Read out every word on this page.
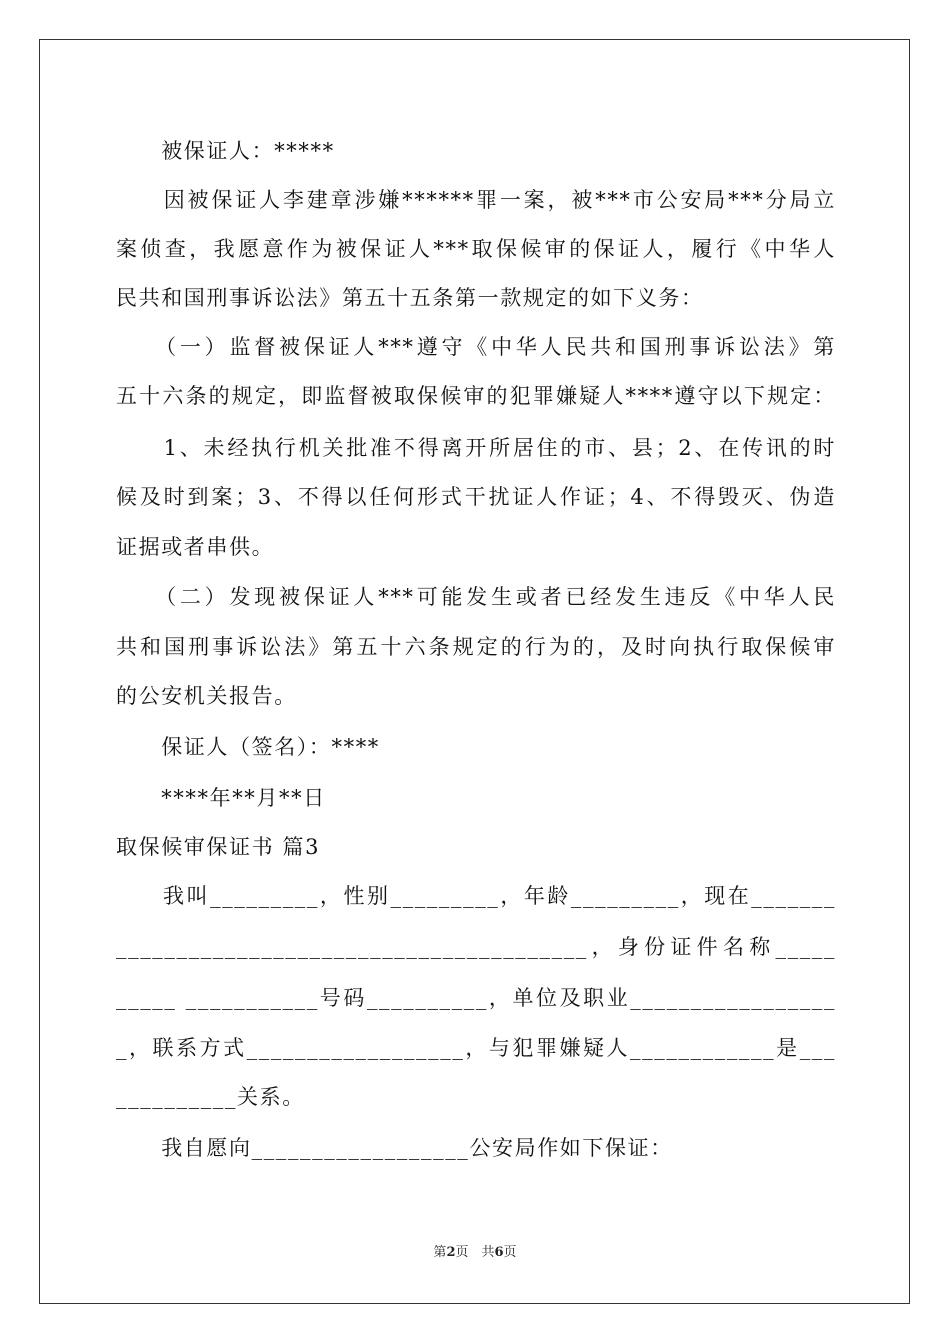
　　被保证人：*****
　　因被保证人李建章涉嫌******罪一案，被***市公安局***分局立
案侦查，我愿意作为被保证人***取保候审的保证人，履行《中华人
民共和国刑事诉讼法》第五十五条第一款规定的如下义务：
　　（一）监督被保证人***遵守《中华人民共和国刑事诉讼法》第
五十六条的规定，即监督被取保候审的犯罪嫌疑人****遵守以下规定：
　　1、未经执行机关批准不得离开所居住的市、县；2、在传讯的时
候及时到案；3、不得以任何形式干扰证人作证；4、不得毁灭、伪造
证据或者串供。
　　（二）发现被保证人***可能发生或者已经发生违反《中华人民
共和国刑事诉讼法》第五十六条规定的行为的，及时向执行取保候审
的公安机关报告。
　　保证人（签名）：****
　　****年**月**日
取保候审保证书 篇3
　　我叫_________，性别_________，年龄_________，现在_______
_______________________________________，身份证件名称_____
_____ ___________号码__________，单位及职业_________________
_，联系方式__________________，与犯罪嫌疑人____________是___
__________关系。
　　我自愿向__________________公安局作如下保证：
第2页　共6页
